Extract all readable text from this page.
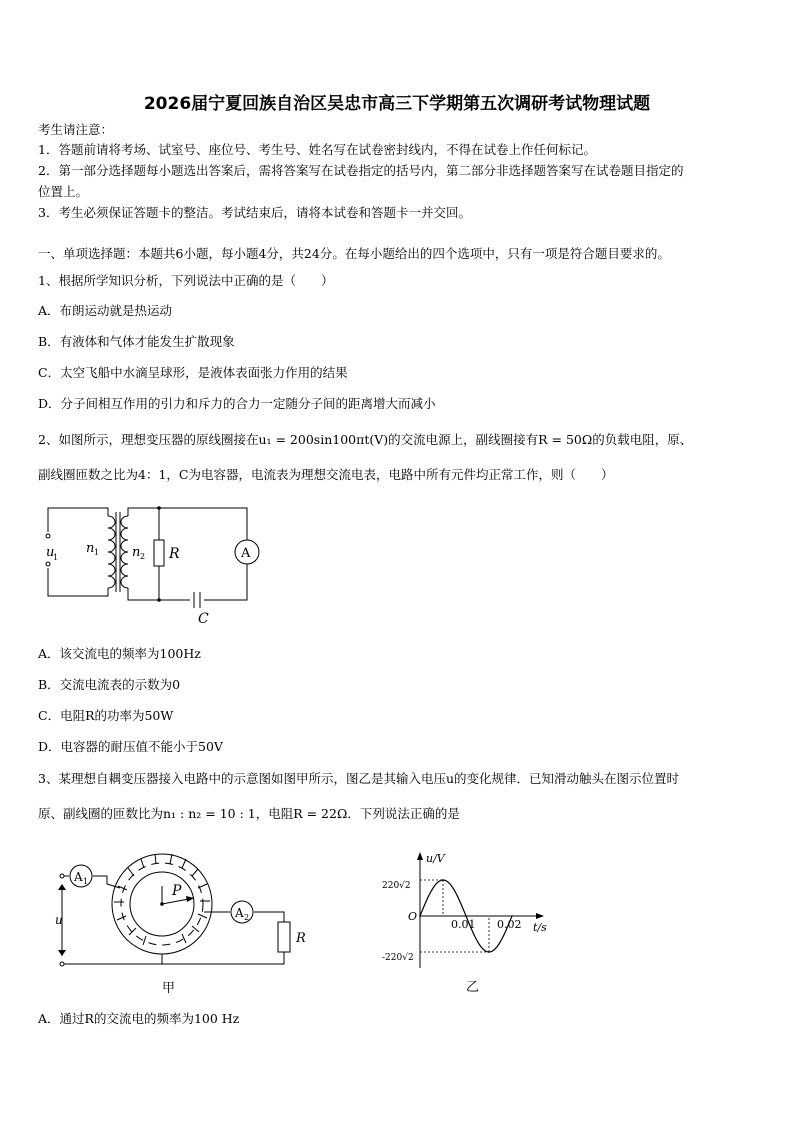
2026届宁夏回族自治区吴忠市高三下学期第五次调研考试物理试题
考生请注意：
1．答题前请将考场、试室号、座位号、考生号、姓名写在试卷密封线内，不得在试卷上作任何标记。
2．第一部分选择题每小题选出答案后，需将答案写在试卷指定的括号内，第二部分非选择题答案写在试卷题目指定的
位置上。
3．考生必须保证答题卡的整洁。考试结束后，请将本试卷和答题卡一并交回。
一、单项选择题：本题共6小题，每小题4分，共24分。在每小题给出的四个选项中，只有一项是符合题目要求的。
1、根据所学知识分析，下列说法中正确的是（　　）
A．布朗运动就是热运动
B．有液体和气体才能发生扩散现象
C．太空飞船中水滴呈球形，是液体表面张力作用的结果
D．分子间相互作用的引力和斥力的合力一定随分子间的距离增大而减小
2、如图所示，理想变压器的原线圈接在u₁ = 200sin100πt(V)的交流电源上，副线圈接有R = 50Ω的负载电阻，原、
副线圈匝数之比为4：1，C为电容器，电流表为理想交流电表，电路中所有元件均正常工作，则（　　）
u
1
n 1	n 2 R
C
A
A．该交流电的频率为100Hz
B．交流电流表的示数为0
C．电阻R的功率为50W
D．电容器的耐压值不能小于50V
3、某理想自耦变压器接入电路中的示意图如图甲所示，图乙是其输入电压u的变化规律．已知滑动触头在图示位置时
原、副线圈的匝数比为n₁ : n₂ = 10 : 1，电阻R = 22Ω．下列说法正确的是
A 1
A 2
P
u
R
甲
u/V
t/s
O
220√2
-220√2
0.01 0.02
乙
A．通过R的交流电的频率为100 Hz
